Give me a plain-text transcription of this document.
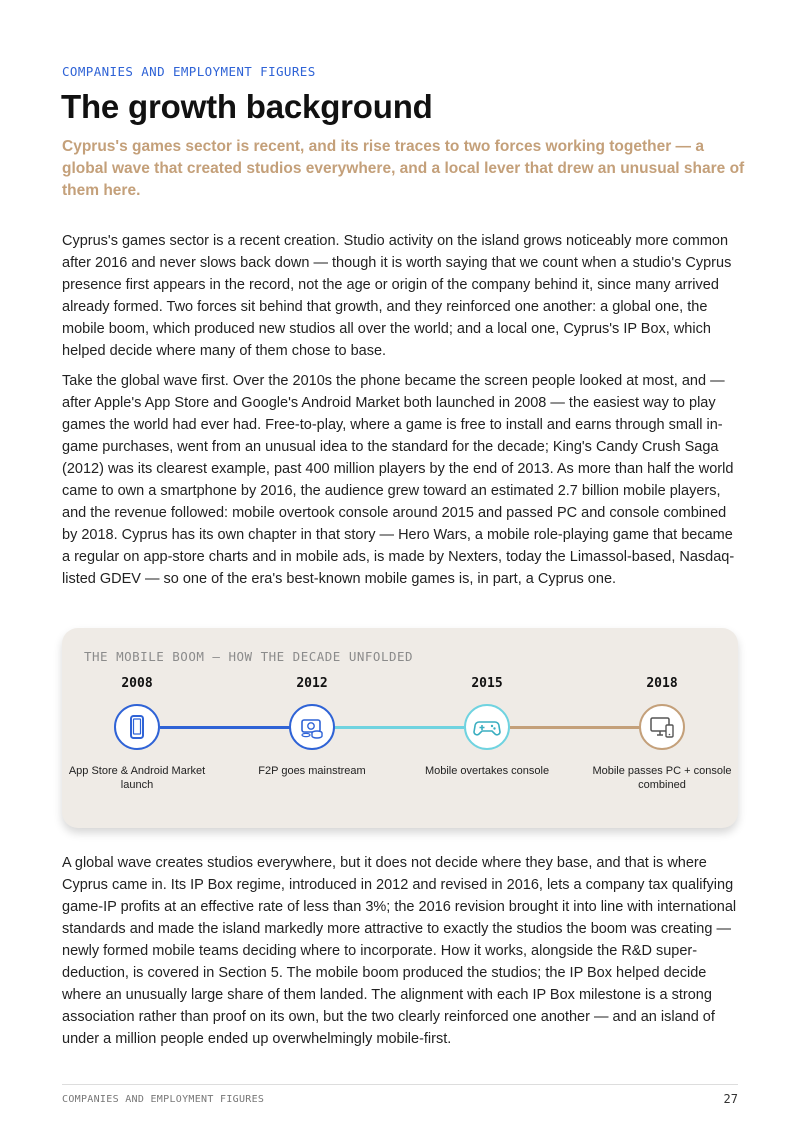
COMPANIES AND EMPLOYMENT FIGURES
The growth background

Cyprus's games sector is recent, and its rise traces to two forces working together — a global wave that created studios everywhere, and a local lever that drew an unusual share of them here.

Cyprus's games sector is a recent creation. Studio activity on the island grows noticeably more common after 2016 and never slows back down — though it is worth saying that we count when a studio's Cyprus presence first appears in the record, not the age or origin of the company behind it, since many arrived already formed. Two forces sit behind that growth, and they reinforced one another: a global one, the mobile boom, which produced new studios all over the world; and a local one, Cyprus's IP Box, which helped decide where many of them chose to base.

Take the global wave first. Over the 2010s the phone became the screen people looked at most, and — after Apple's App Store and Google's Android Market both launched in 2008 — the easiest way to play games the world had ever had. Free-to-play, where a game is free to install and earns through small in-game purchases, went from an unusual idea to the standard for the decade; King's Candy Crush Saga (2012) was its clearest example, past 400 million players by the end of 2013. As more than half the world came to own a smartphone by 2016, the audience grew toward an estimated 2.7 billion mobile players, and the revenue followed: mobile overtook console around 2015 and passed PC and console combined by 2018. Cyprus has its own chapter in that story — Hero Wars, a mobile role-playing game that became a regular on app-store charts and in mobile ads, is made by Nexters, today the Limassol-based, Nasdaq-listed GDEV — so one of the era's best-known mobile games is, in part, a Cyprus one.

THE MOBILE BOOM — HOW THE DECADE UNFOLDED
2008
App Store & Android Market launch
2012
F2P goes mainstream
2015
Mobile overtakes console
2018
Mobile passes PC + console combined

A global wave creates studios everywhere, but it does not decide where they base, and that is where Cyprus came in. Its IP Box regime, introduced in 2012 and revised in 2016, lets a company tax qualifying game-IP profits at an effective rate of less than 3%; the 2016 revision brought it into line with international standards and made the island markedly more attractive to exactly the studios the boom was creating — newly formed mobile teams deciding where to incorporate. How it works, alongside the R&D super-deduction, is covered in Section 5. The mobile boom produced the studios; the IP Box helped decide where an unusually large share of them landed. The alignment with each IP Box milestone is a strong association rather than proof on its own, but the two clearly reinforced one another — and an island of under a million people ended up overwhelmingly mobile-first.

COMPANIES AND EMPLOYMENT FIGURES	27
